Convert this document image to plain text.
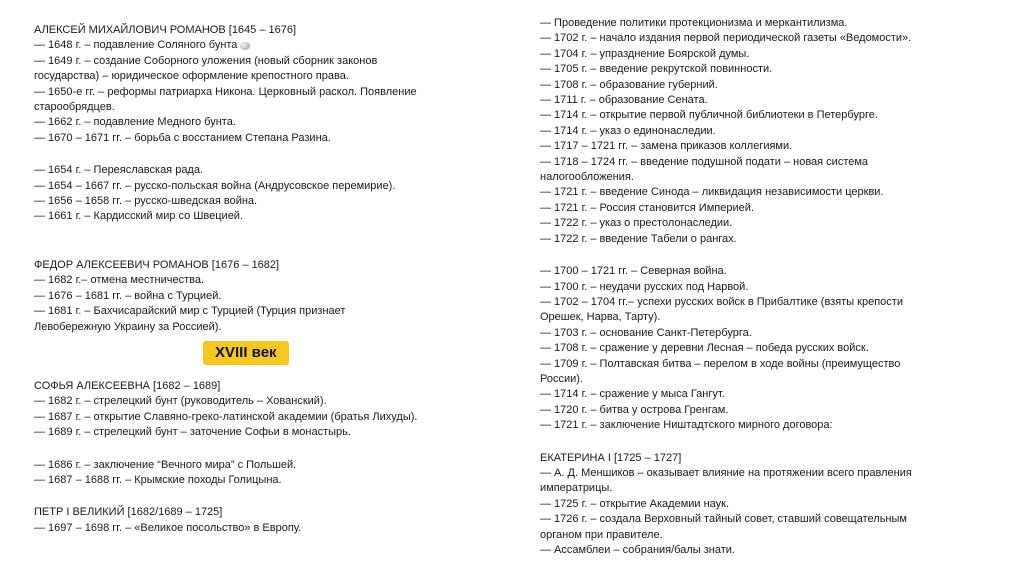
АЛЕКСЕЙ МИХАЙЛОВИЧ РОМАНОВ [1645 – 1676]
— 1648 г. – подавление Соляного бунта
— 1649 г. – создание Соборного уложения (новый сборник законов
государства) – юридическое оформление крепостного права.
— 1650-е гг. – реформы патриарха Никона. Церковный раскол. Появление
старообрядцев.
— 1662 г. – подавление Медного бунта.
— 1670 – 1671 гг. – борьба с восстанием Степана Разина.
— 1654 г. – Переяславская рада.
— 1654 – 1667 гг. – русско-польская война (Андрусовское перемирие).
— 1656 – 1658 гг. – русско-шведская война.
— 1661 г. – Кардисский мир со Швецией.
ФЕДОР АЛЕКСЕЕВИЧ РОМАНОВ [1676 – 1682]
— 1682 г.– отмена местничества.
— 1676 – 1681 гг. – война с Турцией.
— 1681 г. – Бахчисарайский мир с Турцией (Турция признает
Левобережную Украину за Россией).
XVIII век
СОФЬЯ АЛЕКСЕЕВНА [1682 – 1689]
— 1682 г. – стрелецкий бунт (руководитель – Хованский).
— 1687 г. – открытие Славяно-греко-латинской академии (братья Лихуды).
— 1689 г. – стрелецкий бунт – заточение Софьи в монастырь.
— 1686 г. – заключение “Вечного мира” с Польшей.
— 1687 – 1688 гг. – Крымские походы Голицына.
ПЕТР I ВЕЛИКИЙ [1682/1689 – 1725]
— 1697 – 1698 гг. – «Великое посольство» в Европу.
— Проведение политики протекционизма и меркантилизма.
— 1702 г. – начало издания первой периодической газеты «Ведомости».
— 1704 г. – упразднение Боярской думы.
— 1705 г. – введение рекрутской повинности.
— 1708 г. – образование губерний.
— 1711 г. – образование Сената.
— 1714 г. – открытие первой публичной библиотеки в Петербурге.
— 1714 г. – указ о единонаследии.
— 1717 – 1721 гг. – замена приказов коллегиями.
— 1718 – 1724 гг. – введение подушной подати – новая система
налогообложения.
— 1721 г. – введение Синода – ликвидация независимости церкви.
— 1721 г. – Россия становится Империей.
— 1722 г. – указ о престолонаследии.
— 1722 г. – введение Табели о рангах.
— 1700 – 1721 гг. – Северная война.
— 1700 г. – неудачи русских под Нарвой.
— 1702 – 1704 гг.– успехи русских войск в Прибалтике (взяты крепости
Орешек, Нарва, Тарту).
— 1703 г. – основание Санкт-Петербурга.
— 1708 г. – сражение у деревни Лесная – победа русских войск.
— 1709 г. – Полтавская битва – перелом в ходе войны (преимущество
России).
— 1714 г. – сражение у мыса Гангут.
— 1720 г. – битва у острова Гренгам.
— 1721 г. – заключение Ништадтского мирного договора:
ЕКАТЕРИНА I [1725 – 1727]
— А. Д. Меншиков – оказывает влияние на протяжении всего правления
императрицы.
— 1725 г. – открытие Академии наук.
— 1726 г. – создала Верховный тайный совет, ставший совещательным
органом при правителе.
— Ассамблеи – собрания/балы знати.
